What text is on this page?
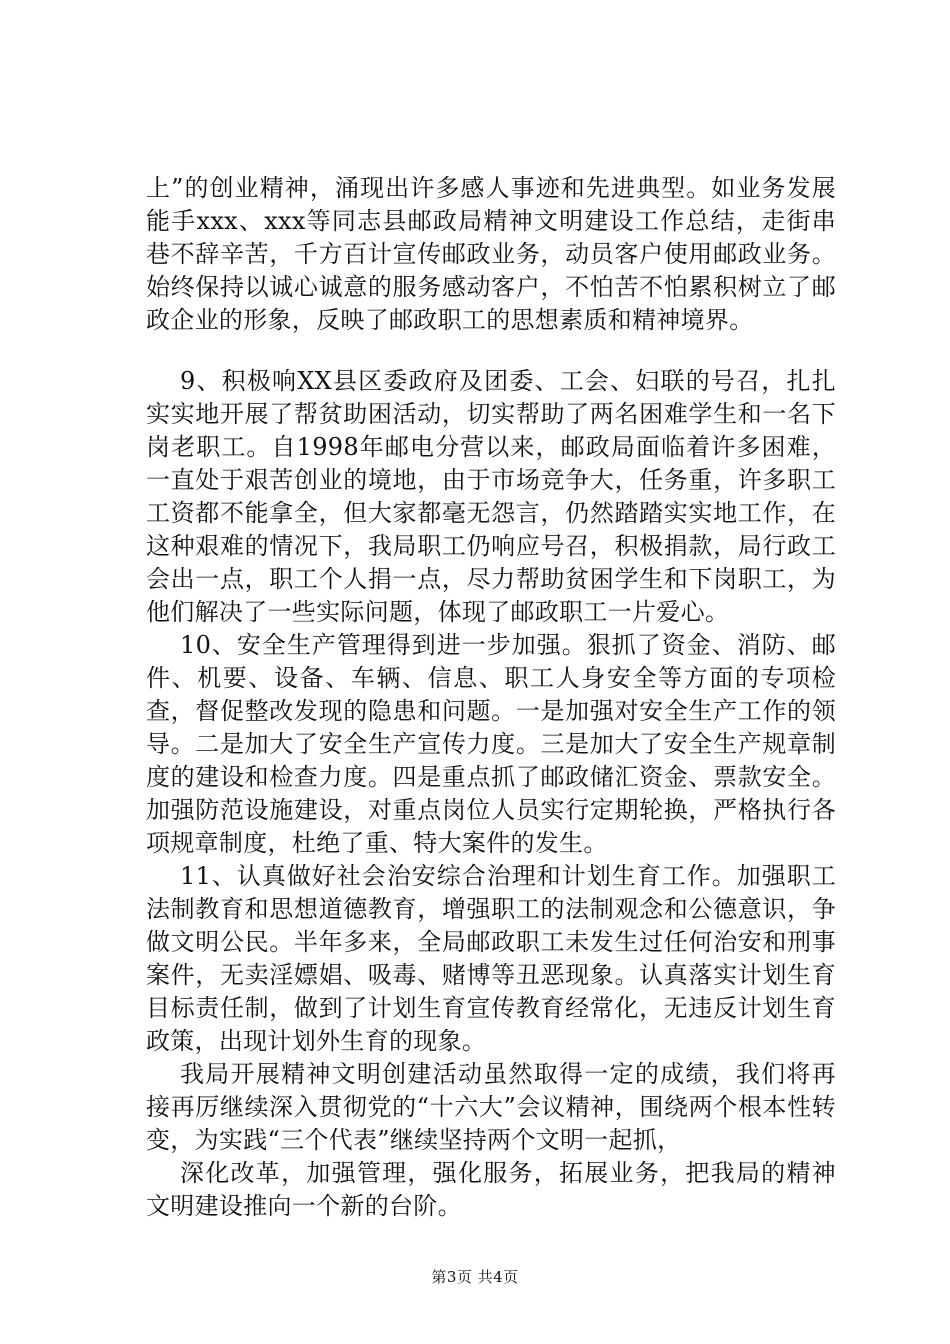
上”的创业精神，涌现出许多感人事迹和先进典型。如业务发展能手xxx、xxx等同志县邮政局精神文明建设工作总结，走街串巷不辞辛苦，千方百计宣传邮政业务，动员客户使用邮政业务。始终保持以诚心诚意的服务感动客户，不怕苦不怕累积树立了邮政企业的形象，反映了邮政职工的思想素质和精神境界。

9、积极响XX县区委政府及团委、工会、妇联的号召，扎扎实实地开展了帮贫助困活动，切实帮助了两名困难学生和一名下岗老职工。自1998年邮电分营以来，邮政局面临着许多困难，一直处于艰苦创业的境地，由于市场竞争大，任务重，许多职工工资都不能拿全，但大家都毫无怨言，仍然踏踏实实地工作，在这种艰难的情况下，我局职工仍响应号召，积极捐款，局行政工会出一点，职工个人捐一点，尽力帮助贫困学生和下岗职工，为他们解决了一些实际问题，体现了邮政职工一片爱心。

10、安全生产管理得到进一步加强。狠抓了资金、消防、邮件、机要、设备、车辆、信息、职工人身安全等方面的专项检查，督促整改发现的隐患和问题。一是加强对安全生产工作的领导。二是加大了安全生产宣传力度。三是加大了安全生产规章制度的建设和检查力度。四是重点抓了邮政储汇资金、票款安全。加强防范设施建设，对重点岗位人员实行定期轮换，严格执行各项规章制度，杜绝了重、特大案件的发生。

11、认真做好社会治安综合治理和计划生育工作。加强职工法制教育和思想道德教育，增强职工的法制观念和公德意识，争做文明公民。半年多来，全局邮政职工未发生过任何治安和刑事案件，无卖淫嫖娼、吸毒、赌博等丑恶现象。认真落实计划生育目标责任制，做到了计划生育宣传教育经常化，无违反计划生育政策，出现计划外生育的现象。

我局开展精神文明创建活动虽然取得一定的成绩，我们将再接再厉继续深入贯彻党的“十六大”会议精神，围绕两个根本性转变，为实践“三个代表”继续坚持两个文明一起抓，

深化改革，加强管理，强化服务，拓展业务，把我局的精神文明建设推向一个新的台阶。

第3页 共4页
